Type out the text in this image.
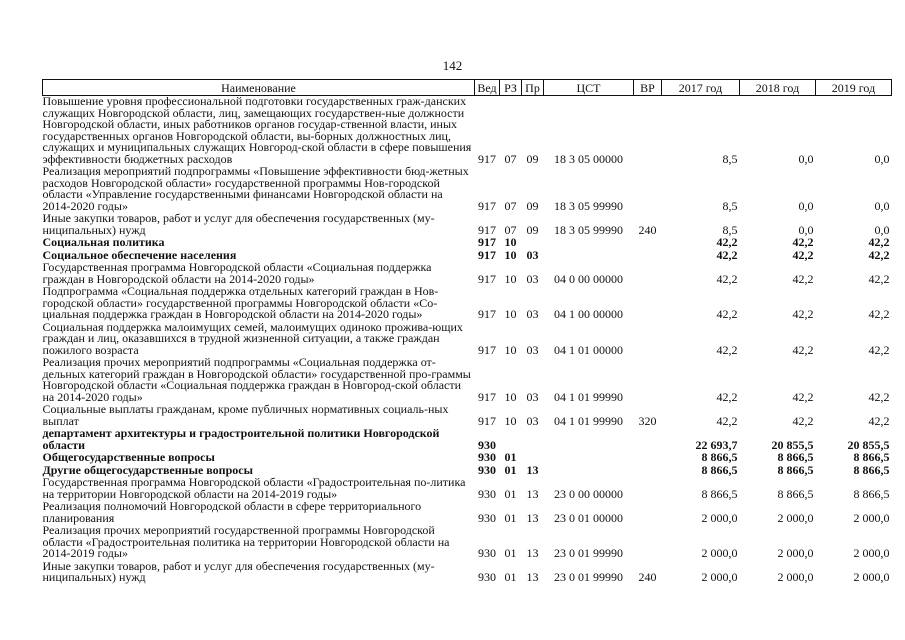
142
Наименование	Вед	РЗ	Пр	ЦСТ	ВР	2017 год	2018 год	2019 год
Повышение уровня профессиональной подготовки государственных граж-данских служащих Новгородской области, лиц, замещающих государствен-ные должности Новгородской области, иных работников органов государ-ственной власти, иных государственных органов Новгородской области, вы-борных должностных лиц, служащих и муниципальных служащих Новгород-ской области в сфере повышения эффективности бюджетных расходов	917	07	09	18 3 05 00000		8,5	0,0	0,0
Реализация мероприятий подпрограммы «Повышение эффективности бюд-жетных расходов Новгородской области» государственной программы Нов-городской области «Управление государственными финансами Новгородской области на 2014-2020 годы»	917	07	09	18 3 05 99990		8,5	0,0	0,0
Иные закупки товаров, работ и услуг для обеспечения государственных (му-ниципальных) нужд	917	07	09	18 3 05 99990	240	8,5	0,0	0,0
Социальная политика	917	10				42,2	42,2	42,2
Социальное обеспечение населения	917	10	03			42,2	42,2	42,2
Государственная программа Новгородской области «Социальная поддержка граждан в Новгородской области на 2014-2020 годы»	917	10	03	04 0 00 00000		42,2	42,2	42,2
Подпрограмма «Социальная поддержка отдельных категорий граждан в Нов-городской области» государственной программы Новгородской области «Со-циальная поддержка граждан в Новгородской области на 2014-2020 годы»	917	10	03	04 1 00 00000		42,2	42,2	42,2
Социальная поддержка малоимущих семей, малоимущих одиноко прожива-ющих граждан и лиц, оказавшихся в трудной жизненной ситуации, а также граждан пожилого возраста	917	10	03	04 1 01 00000		42,2	42,2	42,2
Реализация прочих мероприятий подпрограммы «Социальная поддержка от-дельных категорий граждан в Новгородской области» государственной про-граммы Новгородской области «Социальная поддержка граждан в Новгород-ской области на 2014-2020 годы»	917	10	03	04 1 01 99990		42,2	42,2	42,2
Социальные выплаты гражданам, кроме публичных нормативных социаль-ных выплат	917	10	03	04 1 01 99990	320	42,2	42,2	42,2
департамент архитектуры и градостроительной политики Новгородской области	930					22 693,7	20 855,5	20 855,5
Общегосударственные вопросы	930	01				8 866,5	8 866,5	8 866,5
Другие общегосударственные вопросы	930	01	13			8 866,5	8 866,5	8 866,5
Государственная программа Новгородской области «Градостроительная по-литика на территории Новгородской области на 2014-2019 годы»	930	01	13	23 0 00 00000		8 866,5	8 866,5	8 866,5
Реализация полномочий Новгородской области в сфере территориального планирования	930	01	13	23 0 01 00000		2 000,0	2 000,0	2 000,0
Реализация прочих мероприятий государственной программы Новгородской области «Градостроительная политика на территории Новгородской области на 2014-2019 годы»	930	01	13	23 0 01 99990		2 000,0	2 000,0	2 000,0
Иные закупки товаров, работ и услуг для обеспечения государственных (му-ниципальных) нужд	930	01	13	23 0 01 99990	240	2 000,0	2 000,0	2 000,0
